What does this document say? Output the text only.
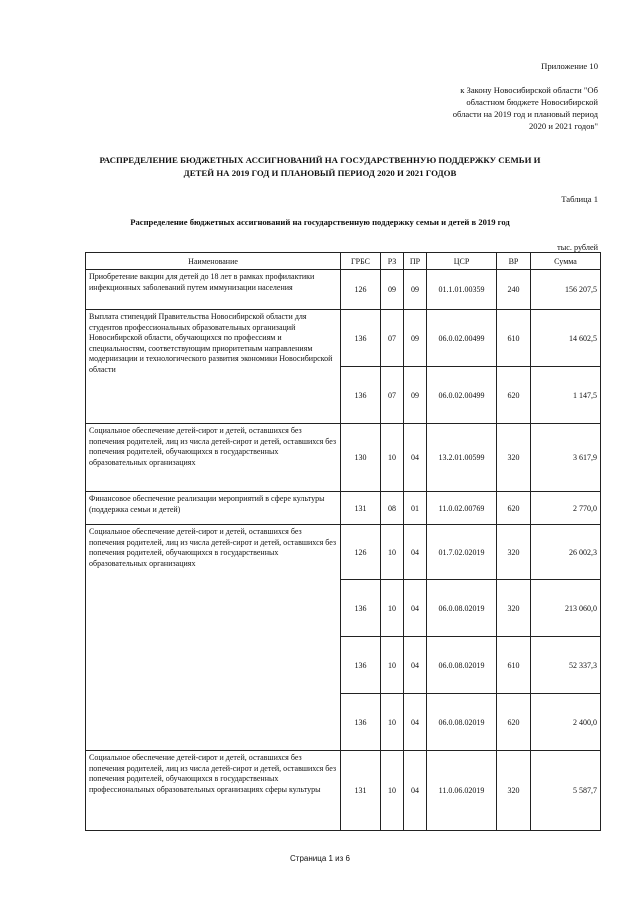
Приложение 10
к Закону Новосибирской области "Об
областном бюджете Новосибирской
области на 2019 год и плановый период
2020 и 2021 годов"
РАСПРЕДЕЛЕНИЕ БЮДЖЕТНЫХ АССИГНОВАНИЙ НА ГОСУДАРСТВЕННУЮ ПОДДЕРЖКУ СЕМЬИ И
ДЕТЕЙ НА 2019 ГОД И ПЛАНОВЫЙ ПЕРИОД 2020 И 2021 ГОДОВ
Таблица 1
Распределение бюджетных ассигнований на государственную поддержку семьи и детей в 2019 год
тыс. рублей
Наименование	ГРБС	РЗ	ПР	ЦСР	ВР	Сумма
Приобретение вакцин для детей до 18 лет в рамках профилактики инфекционных заболеваний путем иммунизации населения	126	09	09	01.1.01.00359	240	156 207,5
Выплата стипендий Правительства Новосибирской области для студентов профессиональных образовательных организаций Новосибирской области, обучающихся по профессиям и специальностям, соответствующим приоритетным направлениям модернизации и технологического развития экономики Новосибирской области	136	07	09	06.0.02.00499	610	14 602,5
	136	07	09	06.0.02.00499	620	1 147,5
Социальное обеспечение детей-сирот и детей, оставшихся без попечения родителей, лиц из числа детей-сирот и детей, оставшихся без попечения родителей, обучающихся в государственных образовательных организациях	130	10	04	13.2.01.00599	320	3 617,9
Финансовое обеспечение реализации мероприятий в сфере культуры (поддержка семьи и детей)	131	08	01	11.0.02.00769	620	2 770,0
Социальное обеспечение детей-сирот и детей, оставшихся без попечения родителей, лиц из числа детей-сирот и детей, оставшихся без попечения родителей, обучающихся в государственных образовательных организациях	126	10	04	01.7.02.02019	320	26 002,3
	136	10	04	06.0.08.02019	320	213 060,0
	136	10	04	06.0.08.02019	610	52 337,3
	136	10	04	06.0.08.02019	620	2 400,0
Социальное обеспечение детей-сирот и детей, оставшихся без попечения родителей, лиц из числа детей-сирот и детей, оставшихся без попечения родителей, обучающихся в государственных профессиональных образовательных организациях сферы культуры	131	10	04	11.0.06.02019	320	5 587,7
Страница 1 из 6
